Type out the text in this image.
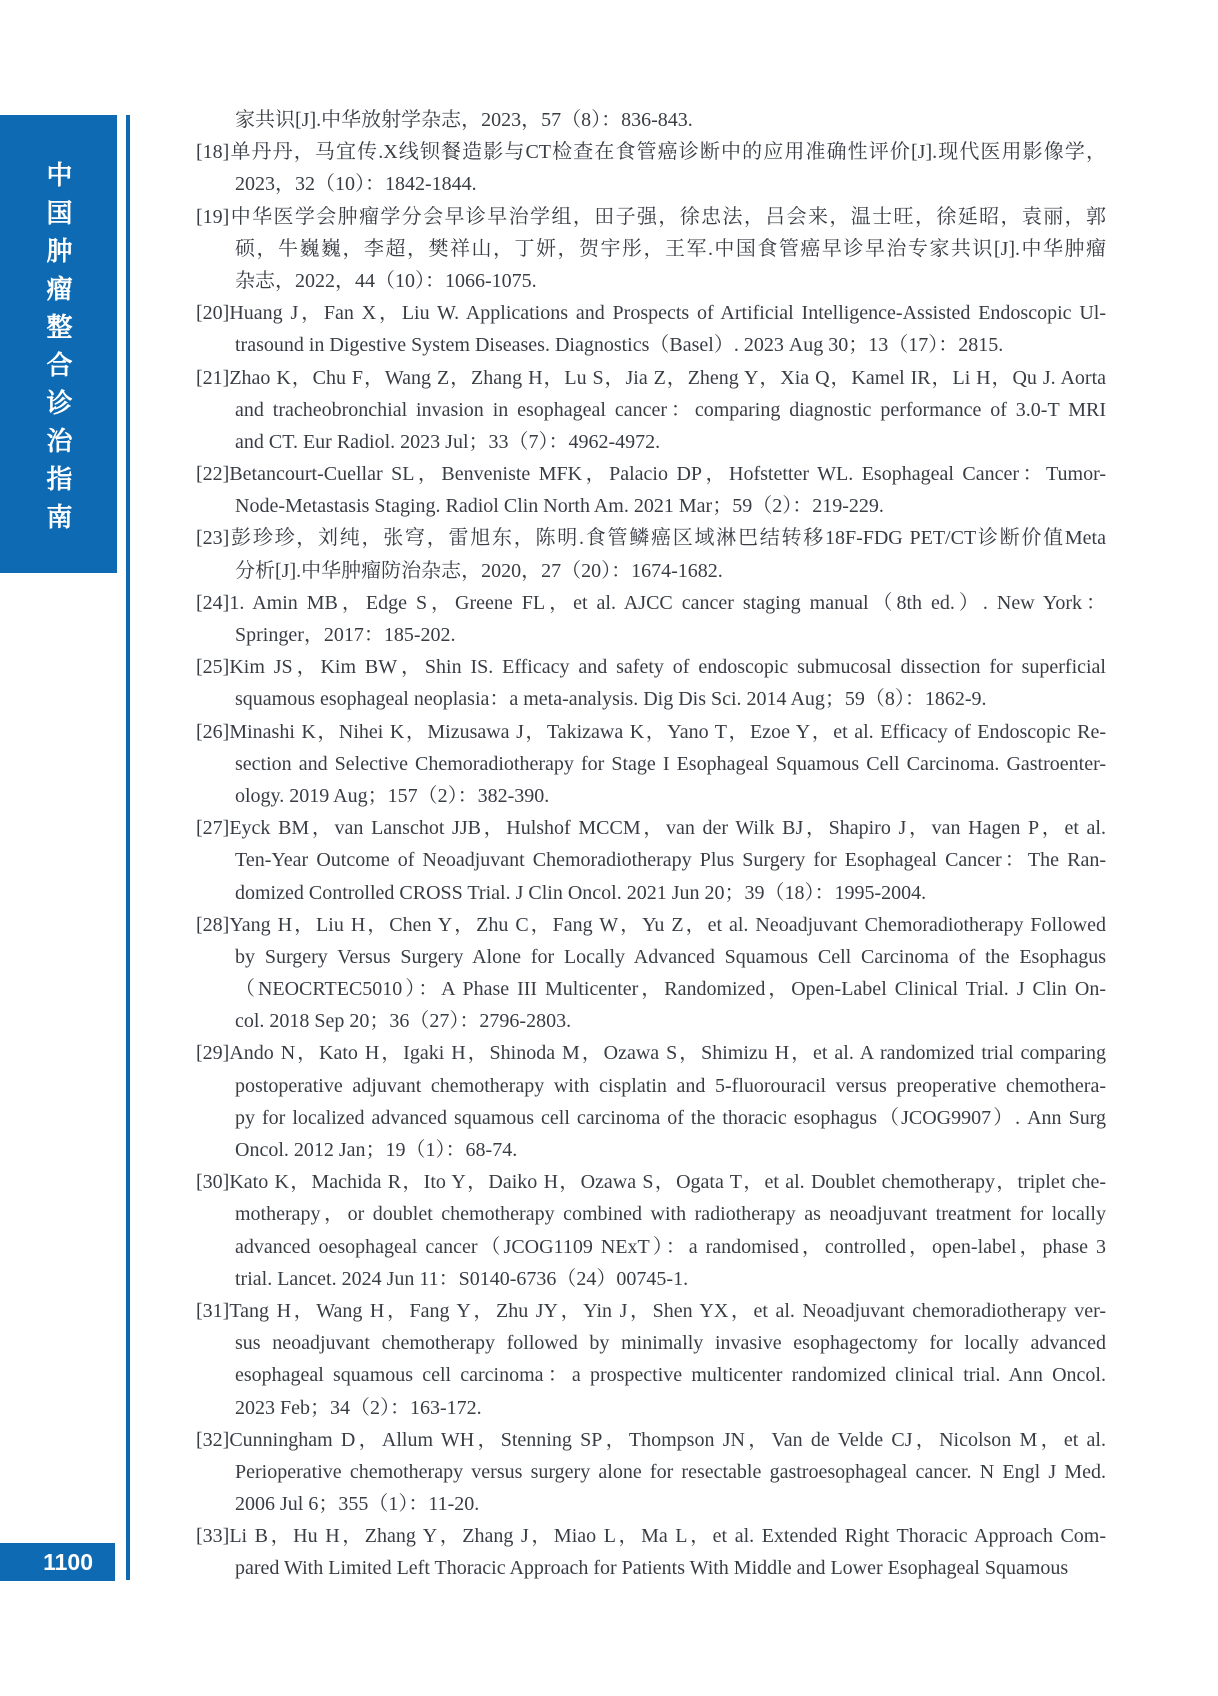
中国肿瘤整合诊治指南
家共识[J].中华放射学杂志，2023，57（8）：836-843.
[18]单丹丹，马宜传.X线钡餐造影与CT检查在食管癌诊断中的应用准确性评价[J].现代医用影像学，
2023，32（10）：1842-1844.
[19]中华医学会肿瘤学分会早诊早治学组，田子强，徐忠法，吕会来，温士旺，徐延昭，袁丽，郭
硕，牛巍巍，李超，樊祥山，丁妍，贺宇彤，王军.中国食管癌早诊早治专家共识[J].中华肿瘤
杂志，2022，44（10）：1066-1075.
[20]Huang J，Fan X，Liu W. Applications and Prospects of Artificial Intelligence-Assisted Endoscopic Ul-
trasound in Digestive System Diseases. Diagnostics（Basel）. 2023 Aug 30；13（17）：2815.
[21]Zhao K，Chu F，Wang Z，Zhang H，Lu S，Jia Z，Zheng Y，Xia Q，Kamel IR，Li H，Qu J. Aorta
and tracheobronchial invasion in esophageal cancer：comparing diagnostic performance of 3.0-T MRI
and CT. Eur Radiol. 2023 Jul；33（7）：4962-4972.
[22]Betancourt-Cuellar SL，Benveniste MFK，Palacio DP，Hofstetter WL. Esophageal Cancer：Tumor-
Node-Metastasis Staging. Radiol Clin North Am. 2021 Mar；59（2）：219-229.
[23]彭珍珍，刘纯，张穹，雷旭东，陈明.食管鳞癌区域淋巴结转移18F-FDG PET/CT诊断价值Meta
分析[J].中华肿瘤防治杂志，2020，27（20）：1674-1682.
[24]1. Amin MB，Edge S，Greene FL，et al. AJCC cancer staging manual（8th ed.）. New York：
Springer，2017：185-202.
[25]Kim JS，Kim BW，Shin IS. Efficacy and safety of endoscopic submucosal dissection for superficial
squamous esophageal neoplasia：a meta-analysis. Dig Dis Sci. 2014 Aug；59（8）：1862-9.
[26]Minashi K，Nihei K，Mizusawa J，Takizawa K，Yano T，Ezoe Y，et al. Efficacy of Endoscopic Re-
section and Selective Chemoradiotherapy for Stage I Esophageal Squamous Cell Carcinoma. Gastroenter-
ology. 2019 Aug；157（2）：382-390.
[27]Eyck BM，van Lanschot JJB，Hulshof MCCM，van der Wilk BJ，Shapiro J，van Hagen P，et al.
Ten-Year Outcome of Neoadjuvant Chemoradiotherapy Plus Surgery for Esophageal Cancer：The Ran-
domized Controlled CROSS Trial. J Clin Oncol. 2021 Jun 20；39（18）：1995-2004.
[28]Yang H，Liu H，Chen Y，Zhu C，Fang W，Yu Z，et al. Neoadjuvant Chemoradiotherapy Followed
by Surgery Versus Surgery Alone for Locally Advanced Squamous Cell Carcinoma of the Esophagus
（NEOCRTEC5010）：A Phase III Multicenter，Randomized，Open-Label Clinical Trial. J Clin On-
col. 2018 Sep 20；36（27）：2796-2803.
[29]Ando N，Kato H，Igaki H，Shinoda M，Ozawa S，Shimizu H，et al. A randomized trial comparing
postoperative adjuvant chemotherapy with cisplatin and 5-fluorouracil versus preoperative chemothera-
py for localized advanced squamous cell carcinoma of the thoracic esophagus（JCOG9907）. Ann Surg
Oncol. 2012 Jan；19（1）：68-74.
[30]Kato K，Machida R，Ito Y，Daiko H，Ozawa S，Ogata T，et al. Doublet chemotherapy，triplet che-
motherapy，or doublet chemotherapy combined with radiotherapy as neoadjuvant treatment for locally
advanced oesophageal cancer（JCOG1109 NExT）：a randomised，controlled，open-label，phase 3
trial. Lancet. 2024 Jun 11：S0140-6736（24）00745-1.
[31]Tang H，Wang H，Fang Y，Zhu JY，Yin J，Shen YX，et al. Neoadjuvant chemoradiotherapy ver-
sus neoadjuvant chemotherapy followed by minimally invasive esophagectomy for locally advanced
esophageal squamous cell carcinoma：a prospective multicenter randomized clinical trial. Ann Oncol.
2023 Feb；34（2）：163-172.
[32]Cunningham D，Allum WH，Stenning SP，Thompson JN，Van de Velde CJ，Nicolson M，et al.
Perioperative chemotherapy versus surgery alone for resectable gastroesophageal cancer. N Engl J Med.
2006 Jul 6；355（1）：11-20.
[33]Li B，Hu H，Zhang Y，Zhang J，Miao L，Ma L，et al. Extended Right Thoracic Approach Com-
pared With Limited Left Thoracic Approach for Patients With Middle and Lower Esophageal Squamous
1100
